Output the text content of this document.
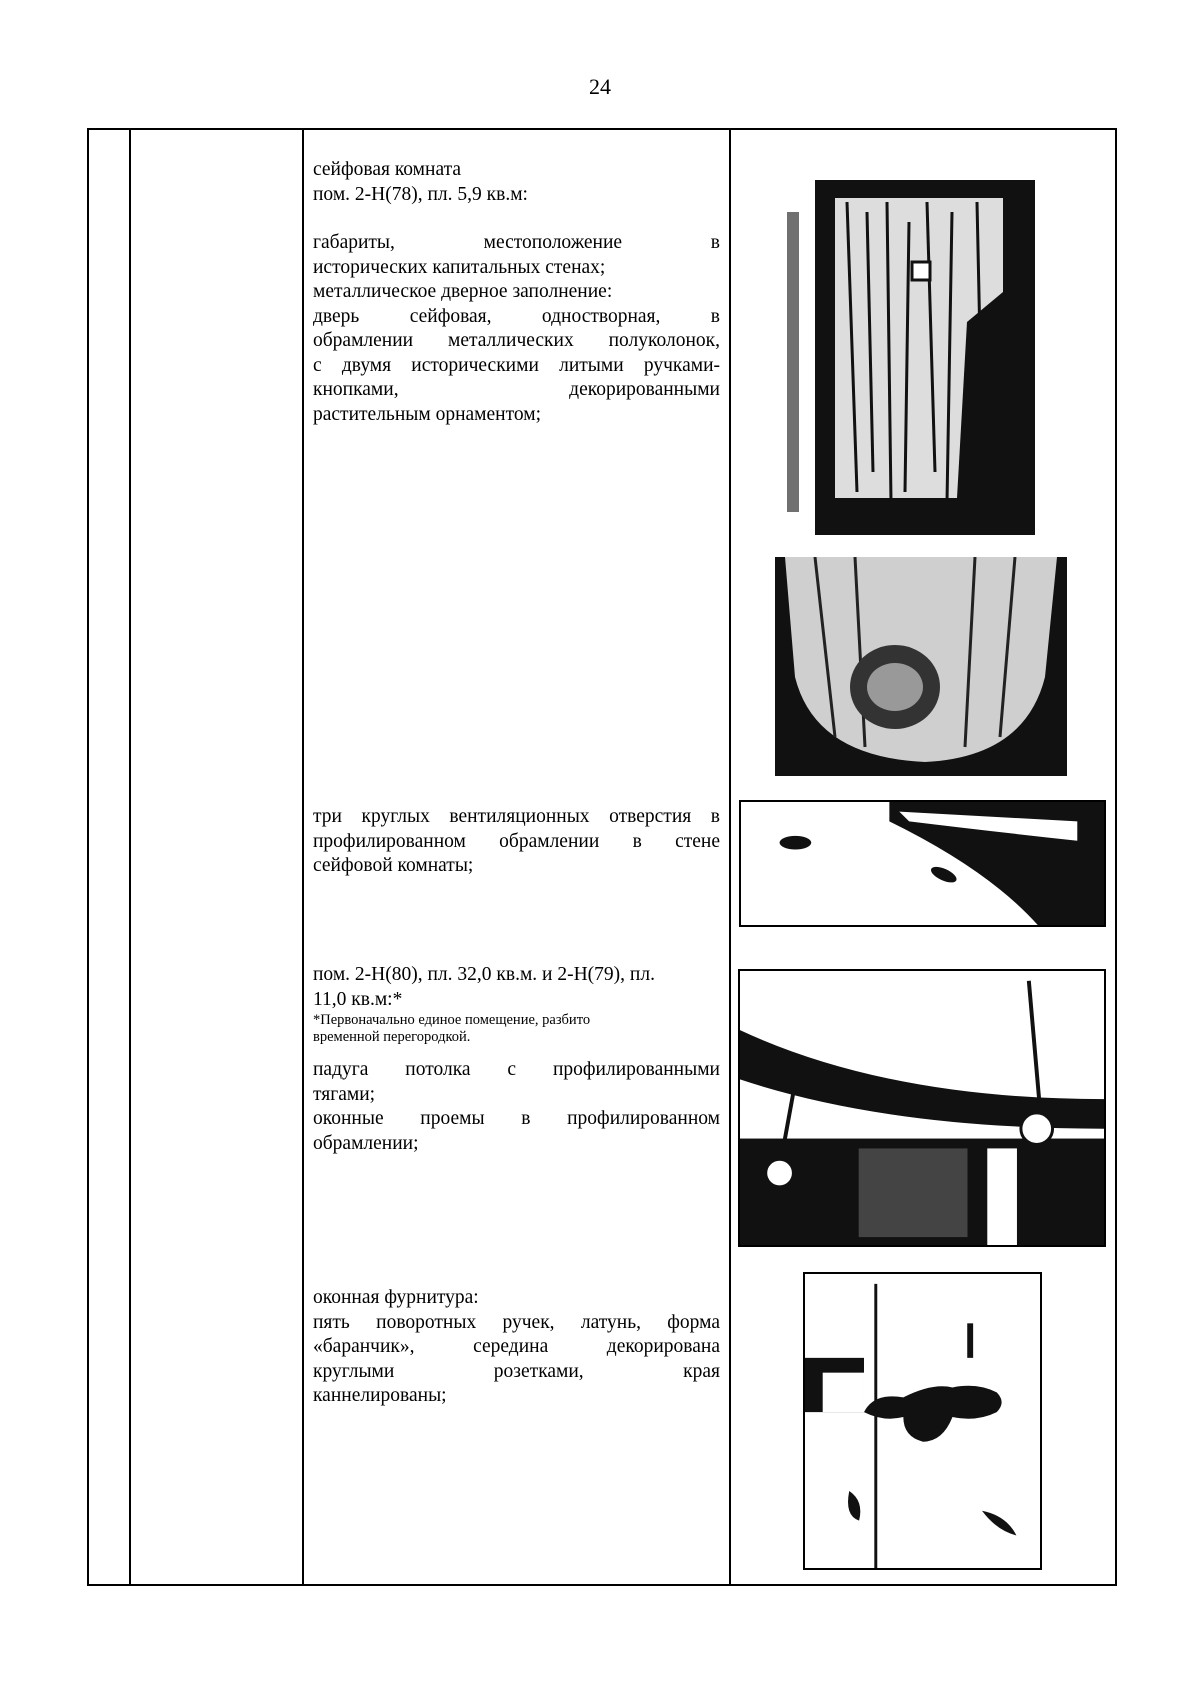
24
сейфовая комната
пом. 2-Н(78), пл. 5,9 кв.м:
габариты, местоположение в
исторических капитальных стенах;
металлическое дверное заполнение:
дверь сейфовая, одностворная, в
обрамлении металлических полуколонок,
с двумя историческими литыми ручками-
кнопками, декорированными
растительным орнаментом;
три круглых вентиляционных отверстия в
профилированном обрамлении в стене
сейфовой комнаты;
пом. 2-Н(80), пл. 32,0 кв.м. и 2-Н(79), пл.
11,0 кв.м:*
*Первоначально единое помещение, разбито
временной перегородкой.
падуга потолка с профилированными
тягами;
оконные проемы в профилированном
обрамлении;
оконная фурнитура:
пять поворотных ручек, латунь, форма
«баранчик», середина декорирована
круглыми розетками, края
каннелированы;
